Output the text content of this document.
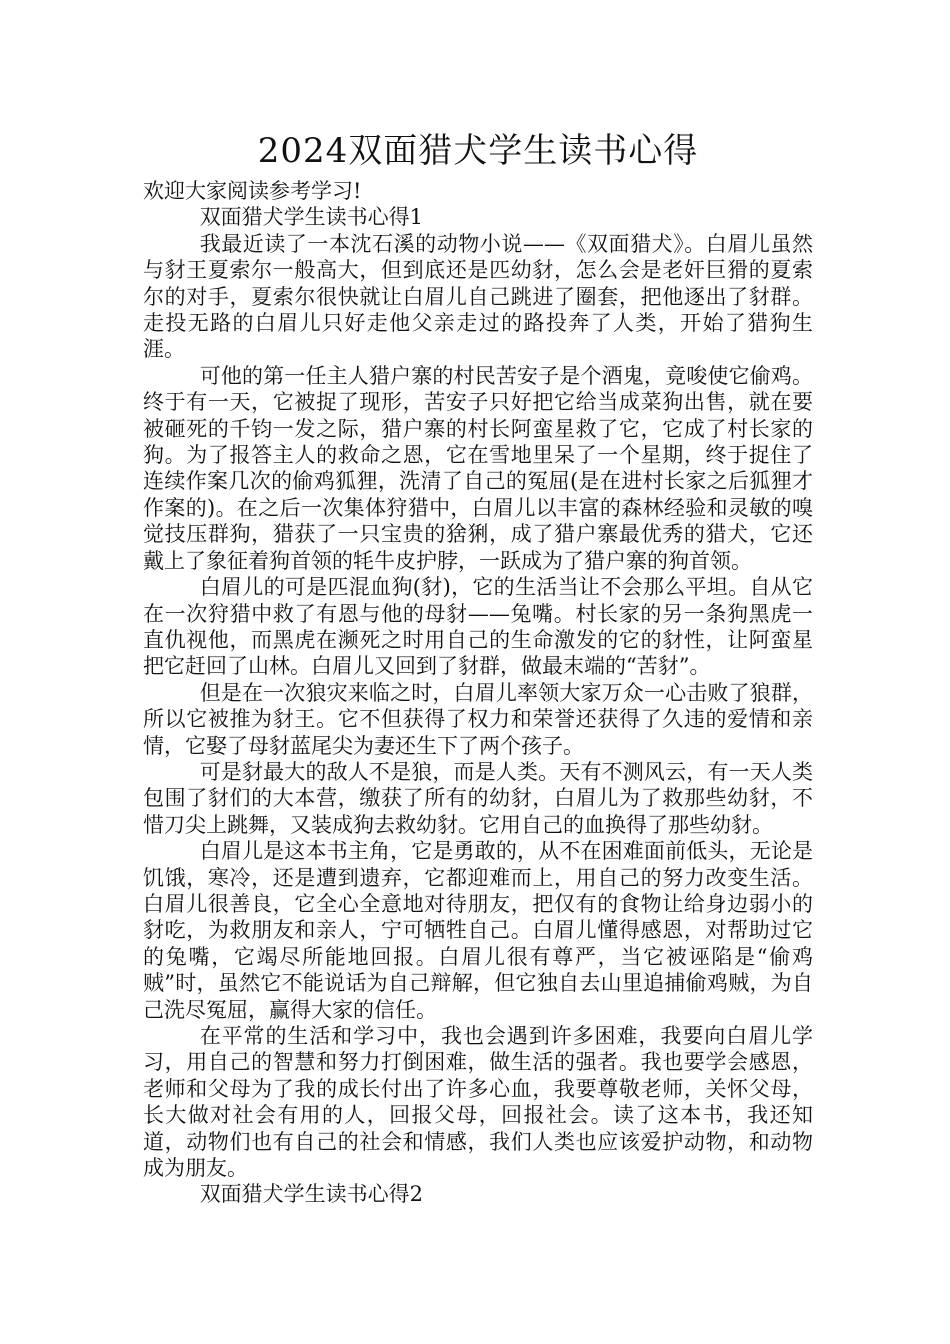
2024双面猎犬学生读书心得

欢迎大家阅读参考学习!

双面猎犬学生读书心得1

我最近读了一本沈石溪的动物小说——《双面猎犬》。白眉儿虽然与豺王夏索尔一般高大，但到底还是匹幼豺，怎么会是老奸巨猾的夏索尔的对手，夏索尔很快就让白眉儿自己跳进了圈套，把他逐出了豺群。走投无路的白眉儿只好走他父亲走过的路投奔了人类，开始了猎狗生涯。

可他的第一任主人猎户寨的村民苦安子是个酒鬼，竟唆使它偷鸡。终于有一天，它被捉了现形，苦安子只好把它给当成菜狗出售，就在要被砸死的千钧一发之际，猎户寨的村长阿蛮星救了它，它成了村长家的狗。为了报答主人的救命之恩，它在雪地里呆了一个星期，终于捉住了连续作案几次的偷鸡狐狸，洗清了自己的冤屈(是在进村长家之后狐狸才作案的)。在之后一次集体狩猎中，白眉儿以丰富的森林经验和灵敏的嗅觉技压群狗，猎获了一只宝贵的猞猁，成了猎户寨最优秀的猎犬，它还戴上了象征着狗首领的牦牛皮护脖，一跃成为了猎户寨的狗首领。

白眉儿的可是匹混血狗(豺)，它的生活当让不会那么平坦。自从它在一次狩猎中救了有恩与他的母豺——兔嘴。村长家的另一条狗黑虎一直仇视他，而黑虎在濒死之时用自己的生命激发的它的豺性，让阿蛮星把它赶回了山林。白眉儿又回到了豺群，做最末端的“苦豺”。

但是在一次狼灾来临之时，白眉儿率领大家万众一心击败了狼群，所以它被推为豺王。它不但获得了权力和荣誉还获得了久违的爱情和亲情，它娶了母豺蓝尾尖为妻还生下了两个孩子。

可是豺最大的敌人不是狼，而是人类。天有不测风云，有一天人类包围了豺们的大本营，缴获了所有的幼豺，白眉儿为了救那些幼豺，不惜刀尖上跳舞，又装成狗去救幼豺。它用自己的血换得了那些幼豺。

白眉儿是这本书主角，它是勇敢的，从不在困难面前低头，无论是饥饿，寒冷，还是遭到遗弃，它都迎难而上，用自己的努力改变生活。白眉儿很善良，它全心全意地对待朋友，把仅有的食物让给身边弱小的豺吃，为救朋友和亲人，宁可牺牲自己。白眉儿懂得感恩，对帮助过它的兔嘴，它竭尽所能地回报。白眉儿很有尊严，当它被诬陷是“偷鸡贼”时，虽然它不能说话为自己辩解，但它独自去山里追捕偷鸡贼，为自己洗尽冤屈，赢得大家的信任。

在平常的生活和学习中，我也会遇到许多困难，我要向白眉儿学习，用自己的智慧和努力打倒困难，做生活的强者。我也要学会感恩，老师和父母为了我的成长付出了许多心血，我要尊敬老师，关怀父母，长大做对社会有用的人，回报父母，回报社会。读了这本书，我还知道，动物们也有自己的社会和情感，我们人类也应该爱护动物，和动物成为朋友。

双面猎犬学生读书心得2
